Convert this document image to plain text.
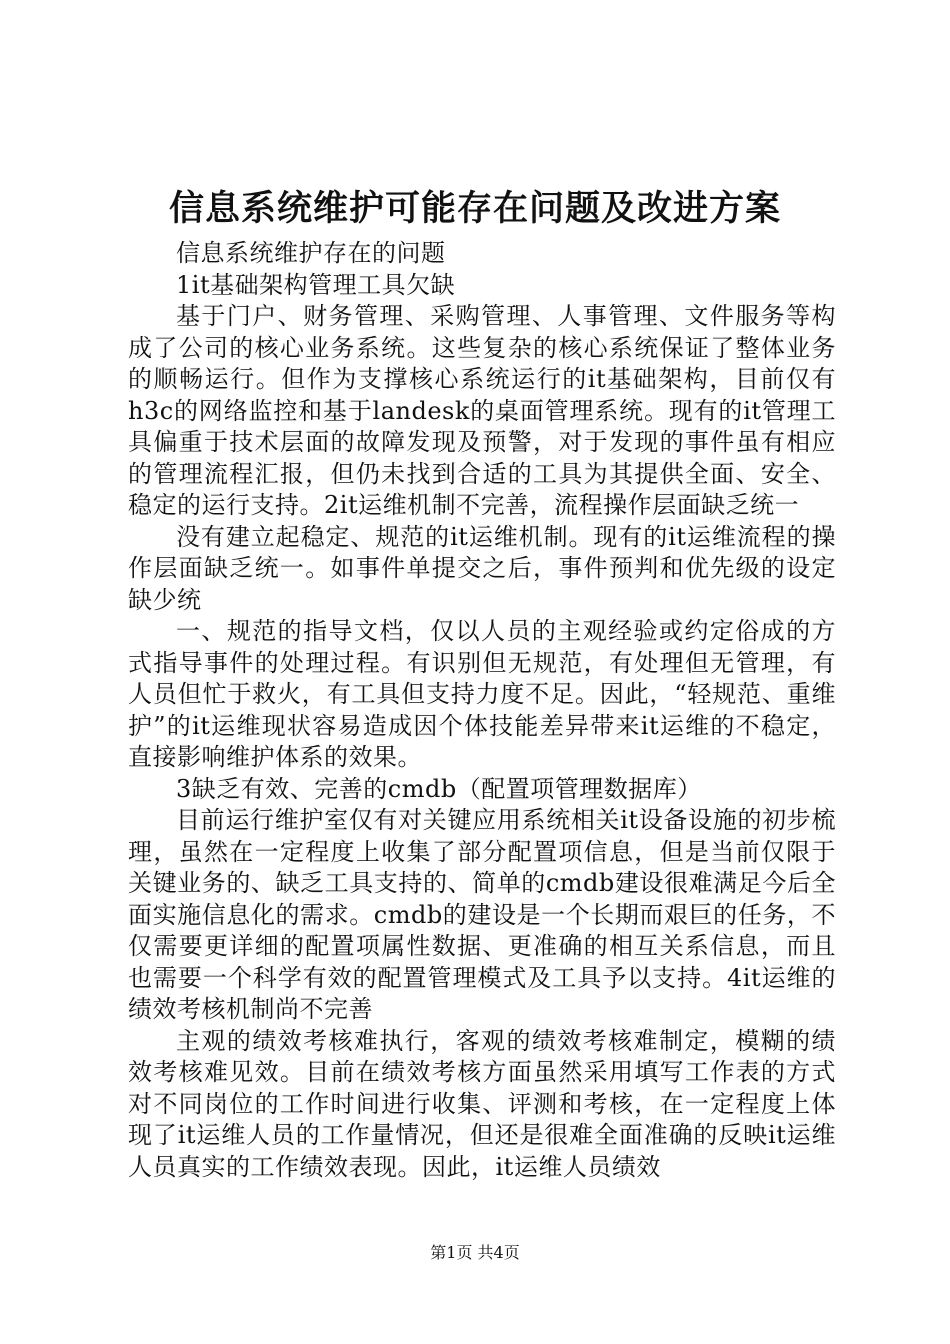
信息系统维护可能存在问题及改进方案

信息系统维护存在的问题

1it基础架构管理工具欠缺

基于门户、财务管理、采购管理、人事管理、文件服务等构成了公司的核心业务系统。这些复杂的核心系统保证了整体业务的顺畅运行。但作为支撑核心系统运行的it基础架构，目前仅有h3c的网络监控和基于landesk的桌面管理系统。现有的it管理工具偏重于技术层面的故障发现及预警，对于发现的事件虽有相应的管理流程汇报，但仍未找到合适的工具为其提供全面、安全、稳定的运行支持。2it运维机制不完善，流程操作层面缺乏统一

没有建立起稳定、规范的it运维机制。现有的it运维流程的操作层面缺乏统一。如事件单提交之后，事件预判和优先级的设定缺少统

一、规范的指导文档，仅以人员的主观经验或约定俗成的方式指导事件的处理过程。有识别但无规范，有处理但无管理，有人员但忙于救火，有工具但支持力度不足。因此，“轻规范、重维护”的it运维现状容易造成因个体技能差异带来it运维的不稳定，直接影响维护体系的效果。

3缺乏有效、完善的cmdb（配置项管理数据库）

目前运行维护室仅有对关键应用系统相关it设备设施的初步梳理，虽然在一定程度上收集了部分配置项信息，但是当前仅限于关键业务的、缺乏工具支持的、简单的cmdb建设很难满足今后全面实施信息化的需求。cmdb的建设是一个长期而艰巨的任务，不仅需要更详细的配置项属性数据、更准确的相互关系信息，而且也需要一个科学有效的配置管理模式及工具予以支持。4it运维的绩效考核机制尚不完善

主观的绩效考核难执行，客观的绩效考核难制定，模糊的绩效考核难见效。目前在绩效考核方面虽然采用填写工作表的方式对不同岗位的工作时间进行收集、评测和考核，在一定程度上体现了it运维人员的工作量情况，但还是很难全面准确的反映it运维人员真实的工作绩效表现。因此，it运维人员绩效

第1页 共4页
